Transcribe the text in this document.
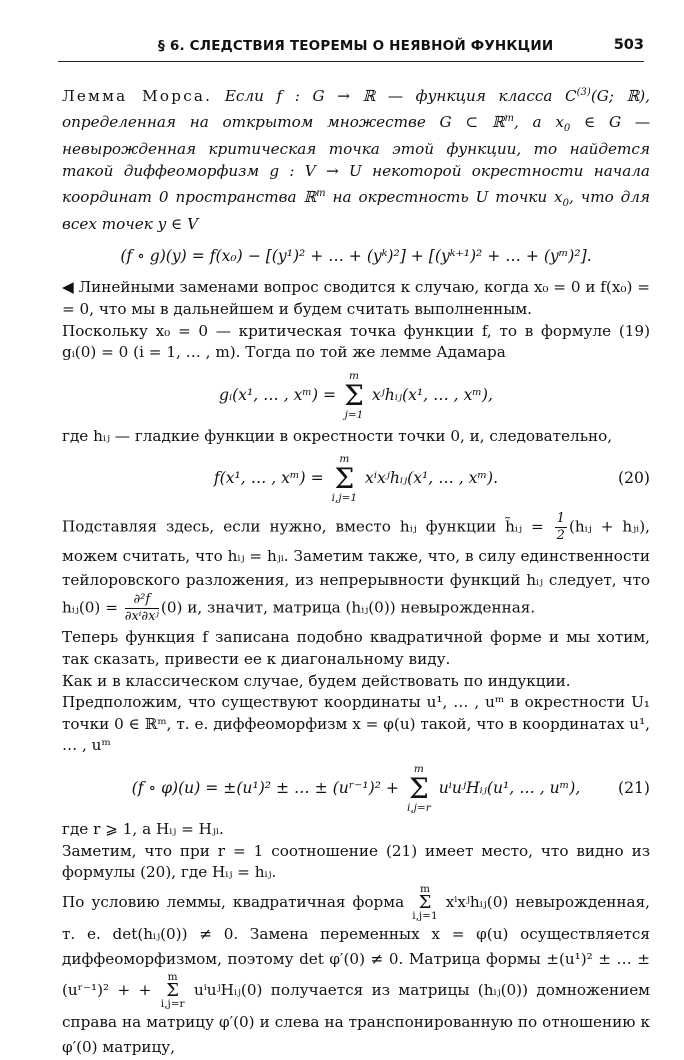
§ 6. СЛЕДСТВИЯ ТЕОРЕМЫ О НЕЯВНОЙ ФУНКЦИИ	503

Лемма Морса. Если f : G → ℝ — функция класса $C^{(3)}(G$; ℝ), определенная на открытом множестве G ⊂ ℝ$^m$, а $x_0$ ∈ G — невырожденная критическая точка этой функции, то найдется такой диффеоморфизм g : V → U некоторой окрестности начала координат 0 пространства ℝ$^m$ на окрестность U точки $x_0$, что для всех точек y ∈ V

(f ∘ g)(y) = f(x₀) − [(y¹)² + … + (yᵏ)²] + [(yᵏ⁺¹)² + … + (yᵐ)²].

◀ Линейными заменами вопрос сводится к случаю, когда x₀ = 0 и f(x₀) = = 0, что мы в дальнейшем и будем считать выполненным.

Поскольку x₀ = 0 — критическая точка функции f, то в формуле (19) gᵢ(0) = 0 (i = 1, … , m). Тогда по той же лемме Адамара

gᵢ(x¹, … , xᵐ) =
m
Σ
j=1
xʲhᵢⱼ(x¹, … , xᵐ),

где hᵢⱼ — гладкие функции в окрестности точки 0, и, следовательно,

f(x¹, … , xᵐ) =
m
Σ
i,j=1
xⁱxʲhᵢⱼ(x¹, … , xᵐ).	(20)

Подставляя здесь, если нужно, вместо hᵢⱼ функции h̃ᵢⱼ = $\frac{1}{2}$ (hᵢⱼ + hⱼᵢ), можем считать, что hᵢⱼ = hⱼᵢ. Заметим также, что, в силу единственности тейлоровского разложения, из непрерывности функций hᵢⱼ следует, что hᵢⱼ(0) = $\frac{\text{∂²f}}{\text{∂xⁱ∂xʲ}} (0)$ и, значит, матрица (hᵢⱼ(0)) невырожденная.

Теперь функция f записана подобно квадратичной форме и мы хотим, так сказать, привести ее к диагональному виду.

Как и в классическом случае, будем действовать по индукции.

Предположим, что существуют координаты u¹, … , uᵐ в окрестности U₁ точки 0 ∈ ℝᵐ, т. е. диффеоморфизм x = φ(u) такой, что в координатах u¹, … , uᵐ

(f ∘ φ)(u) = ±(u¹)² ± … ± (uʳ⁻¹)² +
m
Σ
i,j=r
uⁱuʲHᵢⱼ(u¹, … , uᵐ), (21)

где r ⩾ 1, а Hᵢⱼ = Hⱼᵢ.

Заметим, что при r = 1 соотношение (21) имеет место, что видно из формулы (20), где Hᵢⱼ = hᵢⱼ.

По условию леммы, квадратичная форма
m
Σ
i,j=1
xⁱxʲhᵢⱼ(0) невырожденная, т. е. det(hᵢⱼ(0)) ≠ 0. Замена переменных x = φ(u) осуществляется диффеоморфизмом, поэтому det φ′(0) ≠ 0. Матрица формы ±(u¹)² ± … ± (uʳ⁻¹)² + +
m
Σ
i,j=r
uⁱuʲHᵢⱼ(0) получается из матрицы (hᵢⱼ(0)) домножением справа на матрицу φ′(0) и слева на транспонированную по отношению к φ′(0) матрицу,
